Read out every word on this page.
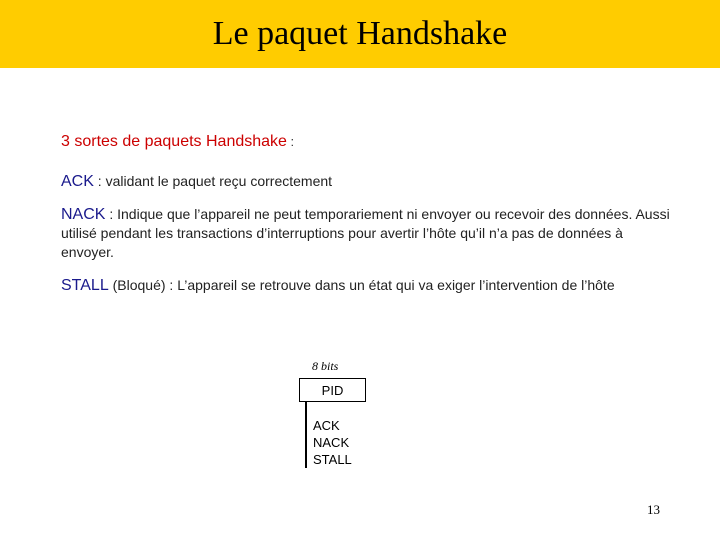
Le paquet Handshake

3 sortes de paquets Handshake :

ACK : validant le paquet reçu correctement

NACK : Indique que l’appareil ne peut temporariement ni envoyer ou recevoir des données. Aussi utilisé pendant les transactions d’interruptions pour avertir l’hôte qu’il n’a pas de données à envoyer.

STALL (Bloqué) : L’appareil se retrouve dans un état qui va exiger l’intervention de l’hôte

8 bits
PID
ACK
NACK
STALL
13
